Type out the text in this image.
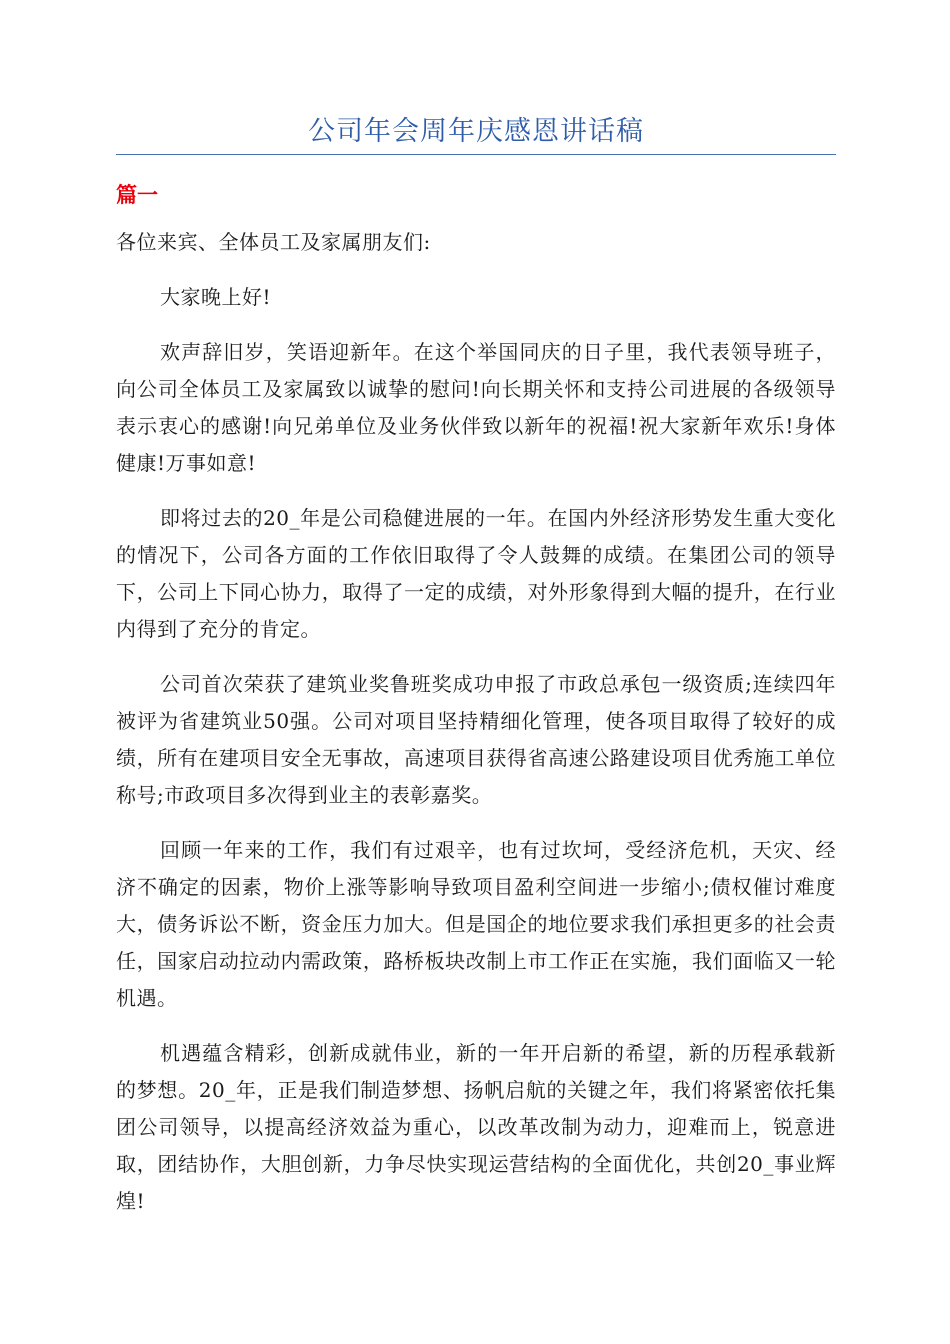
公司年会周年庆感恩讲话稿
篇一

各位来宾、全体员工及家属朋友们:

大家晚上好!

欢声辞旧岁，笑语迎新年。在这个举国同庆的日子里，我代表领导班子，向公司全体员工及家属致以诚挚的慰问!向长期关怀和支持公司进展的各级领导表示衷心的感谢!向兄弟单位及业务伙伴致以新年的祝福!祝大家新年欢乐!身体健康!万事如意!

即将过去的20_年是公司稳健进展的一年。在国内外经济形势发生重大变化的情况下，公司各方面的工作依旧取得了令人鼓舞的成绩。在集团公司的领导下，公司上下同心协力，取得了一定的成绩，对外形象得到大幅的提升，在行业内得到了充分的肯定。

公司首次荣获了建筑业奖鲁班奖成功申报了市政总承包一级资质;连续四年被评为省建筑业50强。公司对项目坚持精细化管理，使各项目取得了较好的成绩，所有在建项目安全无事故，高速项目获得省高速公路建设项目优秀施工单位称号;市政项目多次得到业主的表彰嘉奖。

回顾一年来的工作，我们有过艰辛，也有过坎坷，受经济危机，天灾、经济不确定的因素，物价上涨等影响导致项目盈利空间进一步缩小;债权催讨难度大，债务诉讼不断，资金压力加大。但是国企的地位要求我们承担更多的社会责任，国家启动拉动内需政策，路桥板块改制上市工作正在实施，我们面临又一轮机遇。

机遇蕴含精彩，创新成就伟业，新的一年开启新的希望，新的历程承载新的梦想。20_年，正是我们制造梦想、扬帆启航的关键之年，我们将紧密依托集团公司领导，以提高经济效益为重心，以改革改制为动力，迎难而上，锐意进取，团结协作，大胆创新，力争尽快实现运营结构的全面优化，共创20_事业辉煌!
